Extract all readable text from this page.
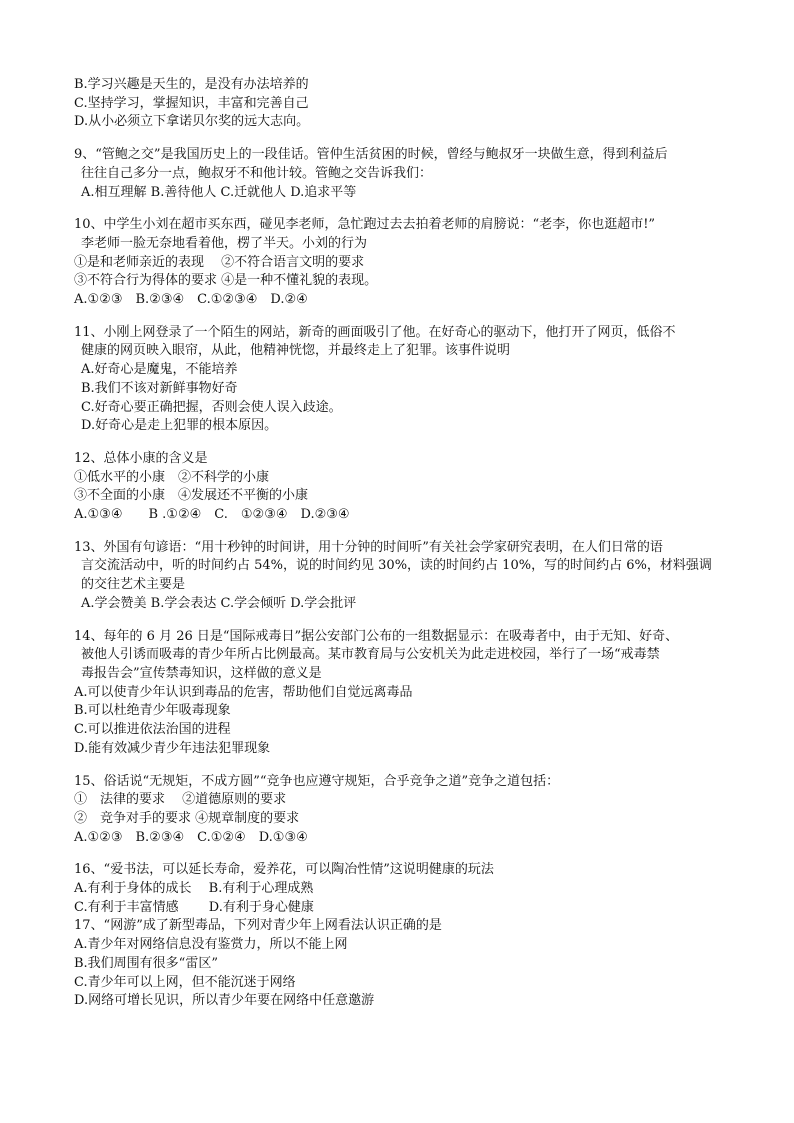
B.学习兴趣是天生的，是没有办法培养的

C.坚持学习，掌握知识，丰富和完善自己

D.从小必须立下拿诺贝尔奖的远大志向。

9、“管鲍之交”是我国历史上的一段佳话。管仲生活贫困的时候，曾经与鲍叔牙一块做生意，得到利益后

往往自己多分一点，鲍叔牙不和他计较。管鲍之交告诉我们：

A.相互理解 B.善待他人 C.迁就他人 D.追求平等

10、中学生小刘在超市买东西，碰见李老师，急忙跑过去去拍着老师的肩膀说：“老李，你也逛超市!”

李老师一脸无奈地看着他，楞了半天。小刘的行为

①是和老师亲近的表现　 ②不符合语言文明的要求

③不符合行为得体的要求 ④是一种不懂礼貌的表现。

A.①②③　B.②③④　C.①②③④　D.②④

11、小刚上网登录了一个陌生的网站，新奇的画面吸引了他。在好奇心的驱动下，他打开了网页，低俗不

健康的网页映入眼帘，从此，他精神恍惚，并最终走上了犯罪。该事件说明

A.好奇心是魔鬼，不能培养

B.我们不该对新鲜事物好奇

C.好奇心要正确把握，否则会使人误入歧途。

D.好奇心是走上犯罪的根本原因。

12、总体小康的含义是

①低水平的小康　②不科学的小康

③不全面的小康　④发展还不平衡的小康

A.①③④　　B .①②④　C.　①②③④　D.②③④

13、外国有句谚语：“用十秒钟的时间讲，用十分钟的时间听”有关社会学家研究表明，在人们日常的语

言交流活动中，听的时间约占 54%，说的时间约见 30%，读的时间约占 10%，写的时间约占 6%，材料强调

的交往艺术主要是

A.学会赞美 B.学会表达 C.学会倾听 D.学会批评

14、每年的 6 月 26 日是“国际戒毒日”据公安部门公布的一组数据显示：在吸毒者中，由于无知、好奇、

被他人引诱而吸毒的青少年所占比例最高。某市教育局与公安机关为此走进校园，举行了一场“戒毒禁

毒报告会”宣传禁毒知识，这样做的意义是

A.可以使青少年认识到毒品的危害，帮助他们自觉远离毒品

B.可以杜绝青少年吸毒现象

C.可以推进依法治国的进程

D.能有效减少青少年违法犯罪现象

15、俗话说“无规矩，不成方圆”“竞争也应遵守规矩，合乎竞争之道”竞争之道包括：

①　法律的要求　 ②道德原则的要求

②　竞争对手的要求 ④规章制度的要求

A.①②③　B.②③④　C.①②④　D.①③④

16、“爱书法，可以延长寿命，爱养花，可以陶冶性情”这说明健康的玩法

A.有利于身体的成长　 B.有利于心理成熟

C.有利于丰富情感　　 D.有利于身心健康

17、“网游”成了新型毒品，下列对青少年上网看法认识正确的是

A.青少年对网络信息没有鉴赏力，所以不能上网

B.我们周围有很多“雷区”

C.青少年可以上网，但不能沉迷于网络

D.网络可增长见识，所以青少年要在网络中任意邀游
